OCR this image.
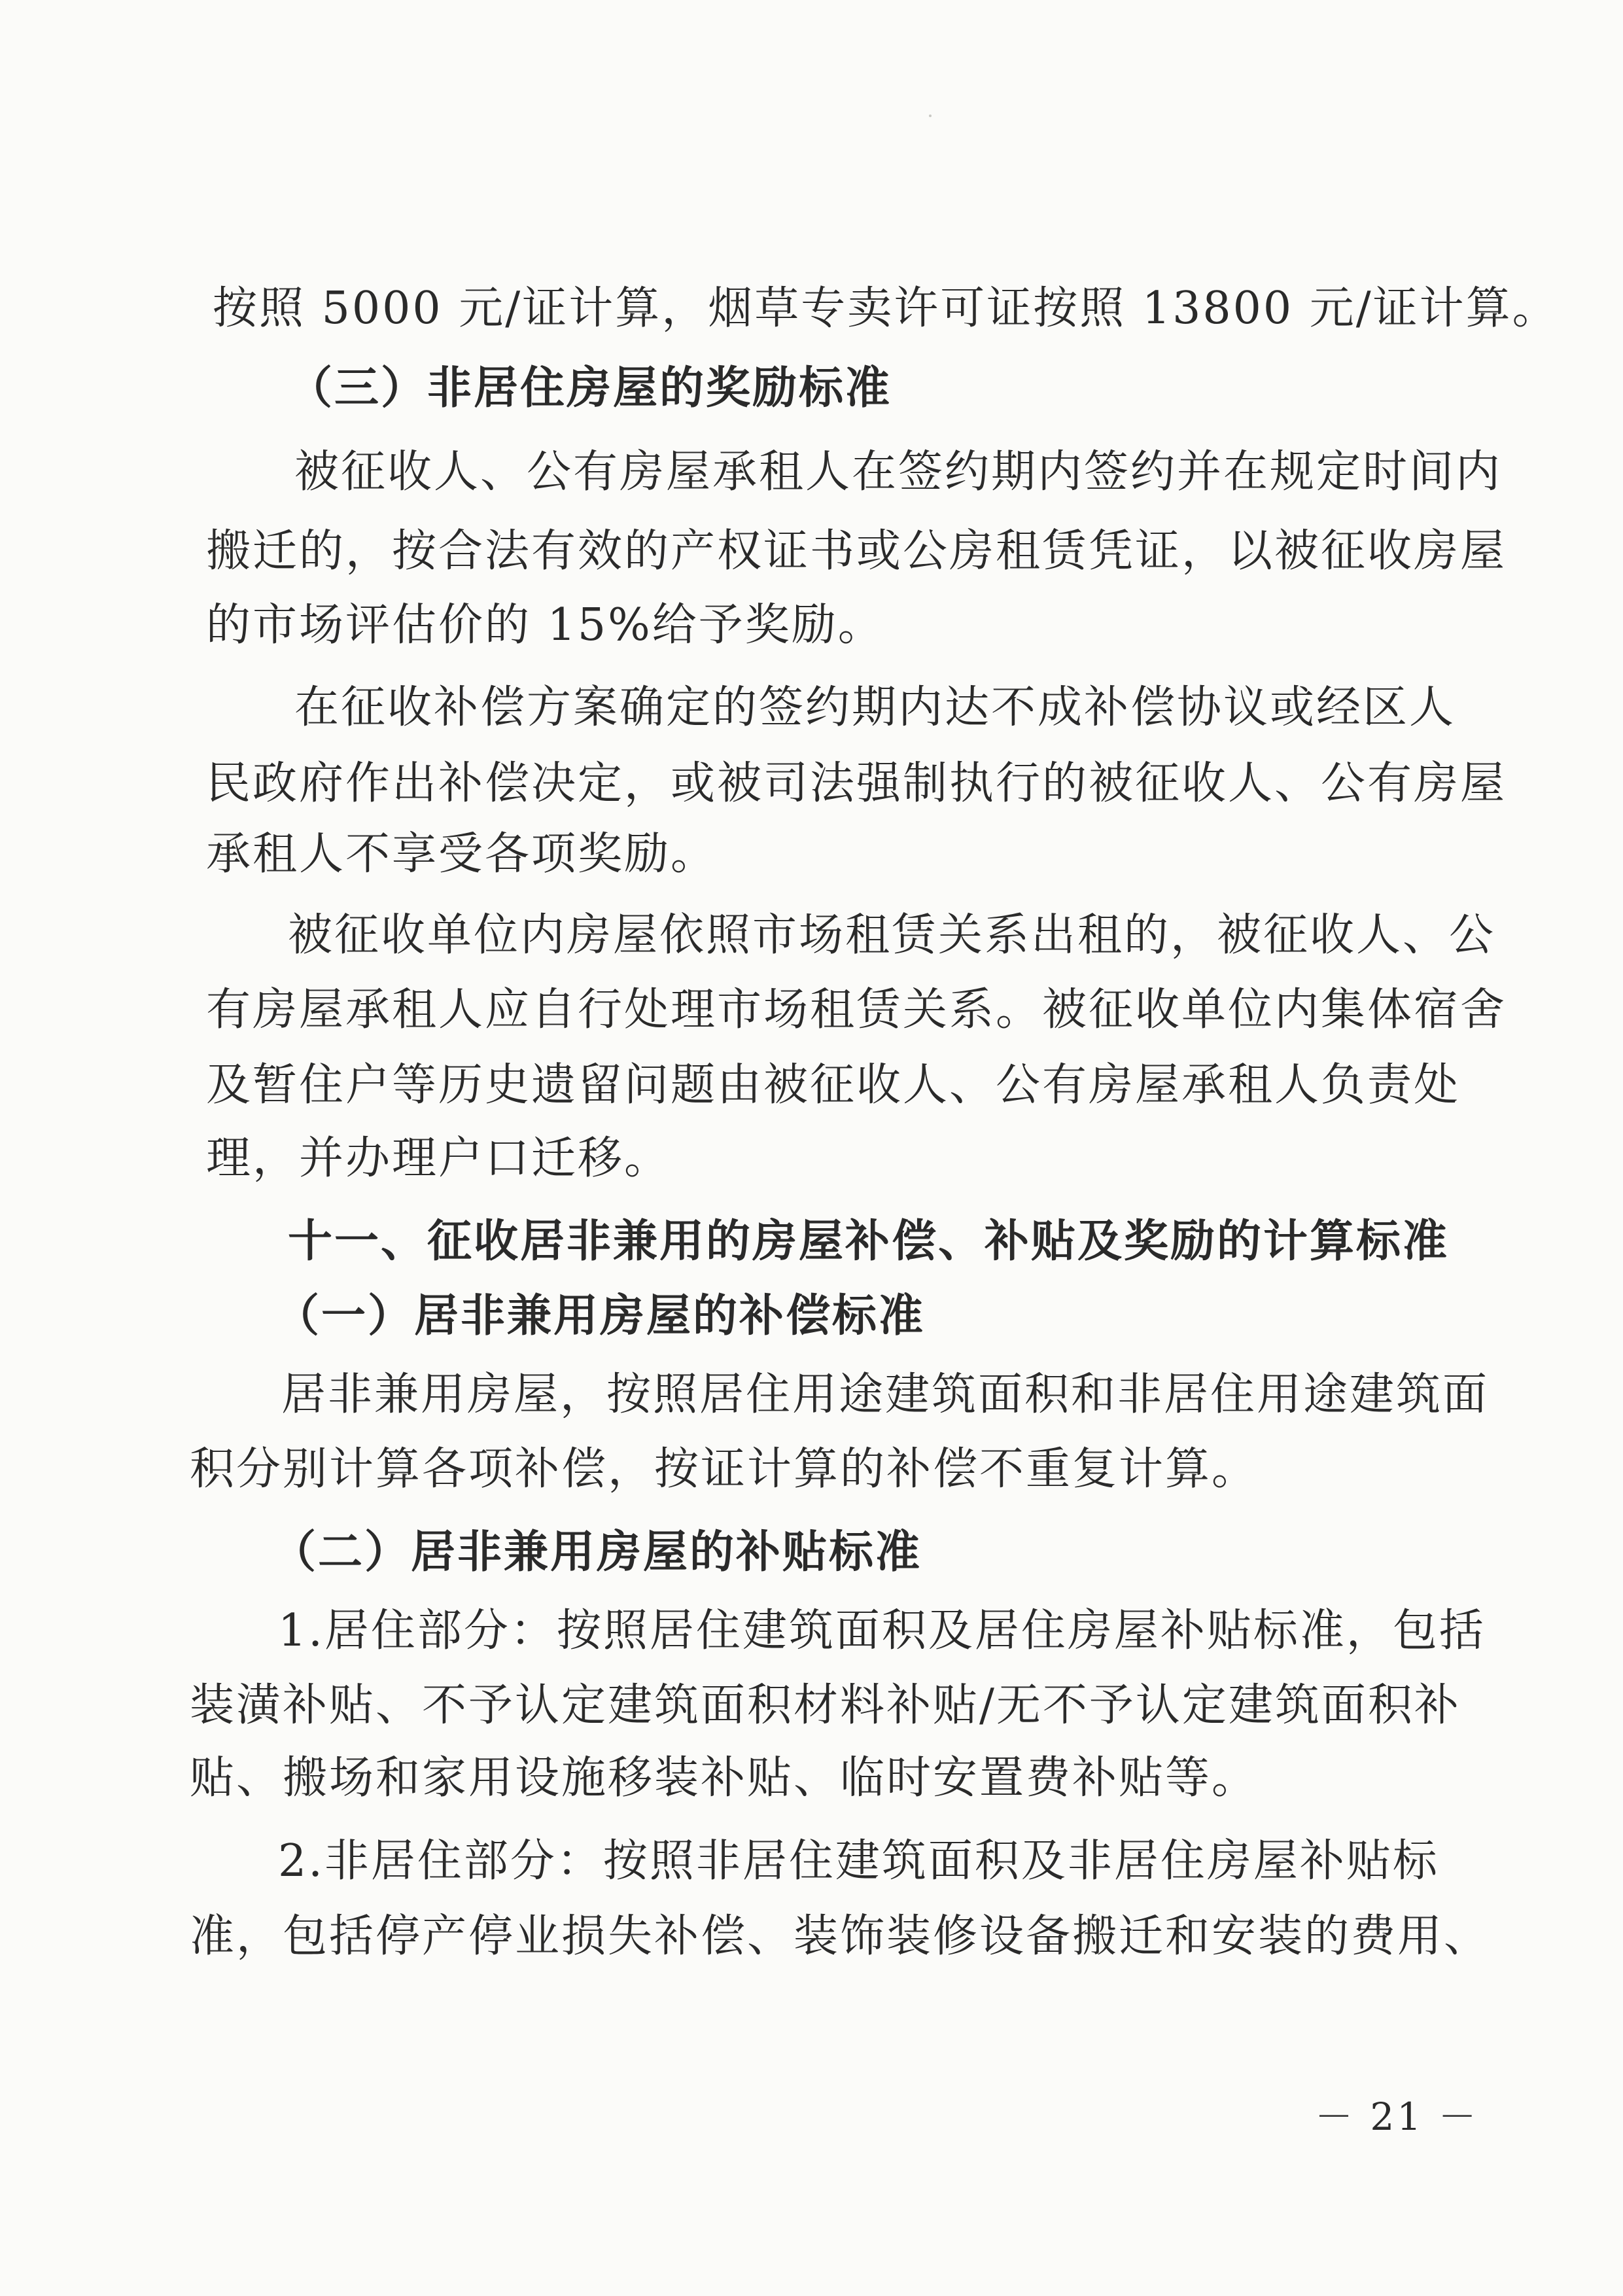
按照 5000 元/证计算，烟草专卖许可证按照 13800 元/证计算。

（三）非居住房屋的奖励标准

被征收人、公有房屋承租人在签约期内签约并在规定时间内

搬迁的，按合法有效的产权证书或公房租赁凭证，以被征收房屋

的市场评估价的 15%给予奖励。

在征收补偿方案确定的签约期内达不成补偿协议或经区人

民政府作出补偿决定，或被司法强制执行的被征收人、公有房屋

承租人不享受各项奖励。

被征收单位内房屋依照市场租赁关系出租的，被征收人、公

有房屋承租人应自行处理市场租赁关系。被征收单位内集体宿舍

及暂住户等历史遗留问题由被征收人、公有房屋承租人负责处

理，并办理户口迁移。

十一、征收居非兼用的房屋补偿、补贴及奖励的计算标准

（一）居非兼用房屋的补偿标准

居非兼用房屋，按照居住用途建筑面积和非居住用途建筑面

积分别计算各项补偿，按证计算的补偿不重复计算。

（二）居非兼用房屋的补贴标准

1.居住部分：按照居住建筑面积及居住房屋补贴标准，包括

装潢补贴、不予认定建筑面积材料补贴/无不予认定建筑面积补

贴、搬场和家用设施移装补贴、临时安置费补贴等。

2.非居住部分：按照非居住建筑面积及非居住房屋补贴标

准，包括停产停业损失补偿、装饰装修设备搬迁和安装的费用、

－ 21 －
